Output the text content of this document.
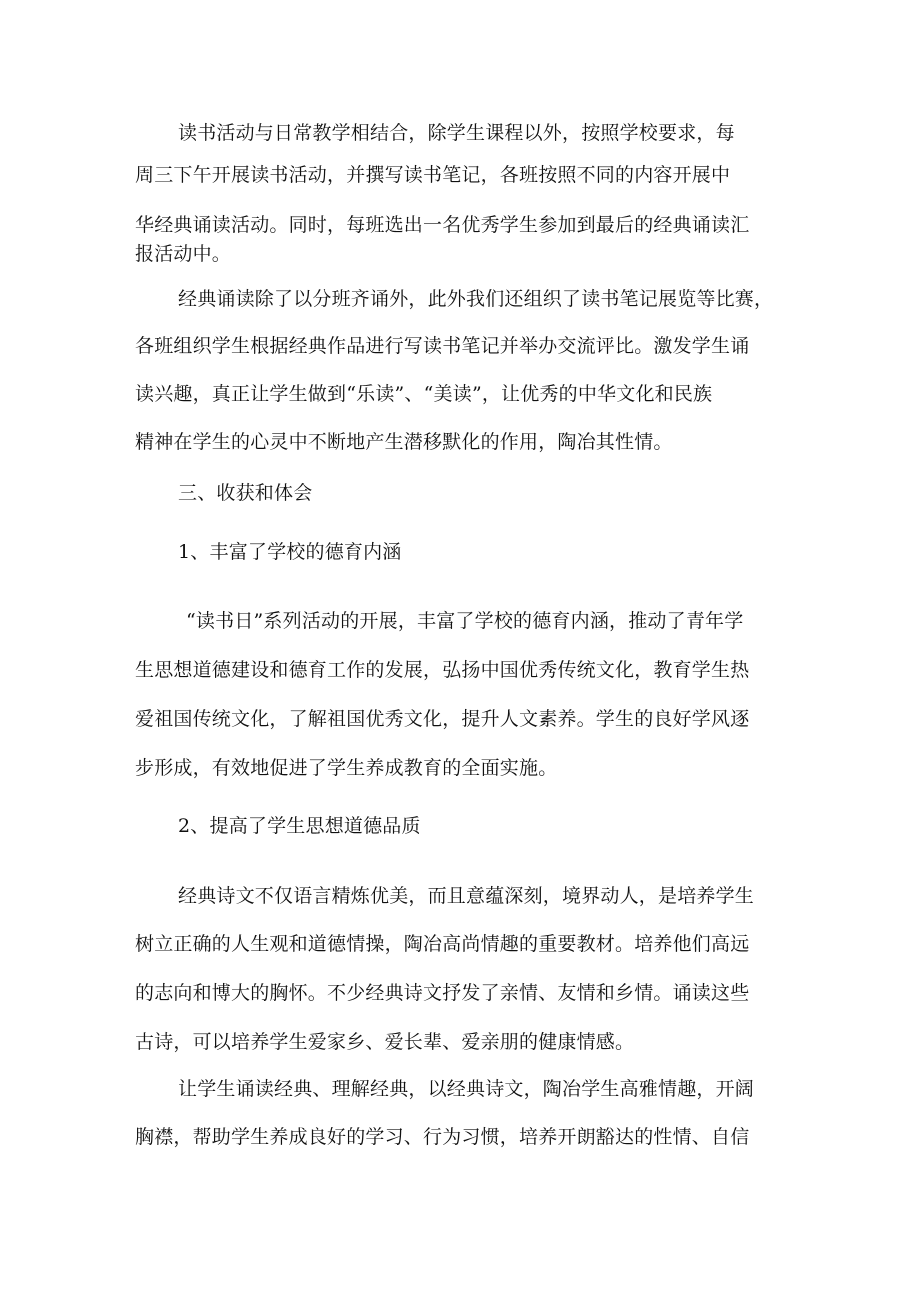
读书活动与日常教学相结合，除学生课程以外，按照学校要求，每
周三下午开展读书活动，并撰写读书笔记，各班按照不同的内容开展中
华经典诵读活动。同时，每班选出一名优秀学生参加到最后的经典诵读汇
报活动中。
经典诵读除了以分班齐诵外，此外我们还组织了读书笔记展览等比赛，
各班组织学生根据经典作品进行写读书笔记并举办交流评比。激发学生诵
读兴趣，真正让学生做到“乐读”、“美读”，让优秀的中华文化和民族
精神在学生的心灵中不断地产生潜移默化的作用，陶冶其性情。
三、收获和体会
1、丰富了学校的德育内涵
“读书日”系列活动的开展，丰富了学校的德育内涵，推动了青年学
生思想道德建设和德育工作的发展，弘扬中国优秀传统文化，教育学生热
爱祖国传统文化，了解祖国优秀文化，提升人文素养。学生的良好学风逐
步形成，有效地促进了学生养成教育的全面实施。
2、提高了学生思想道德品质
经典诗文不仅语言精炼优美，而且意蕴深刻，境界动人，是培养学生
树立正确的人生观和道德情操，陶冶高尚情趣的重要教材。培养他们高远
的志向和博大的胸怀。不少经典诗文抒发了亲情、友情和乡情。诵读这些
古诗，可以培养学生爱家乡、爱长辈、爱亲朋的健康情感。
让学生诵读经典、理解经典，以经典诗文，陶冶学生高雅情趣，开阔
胸襟，帮助学生养成良好的学习、行为习惯，培养开朗豁达的性情、自信
